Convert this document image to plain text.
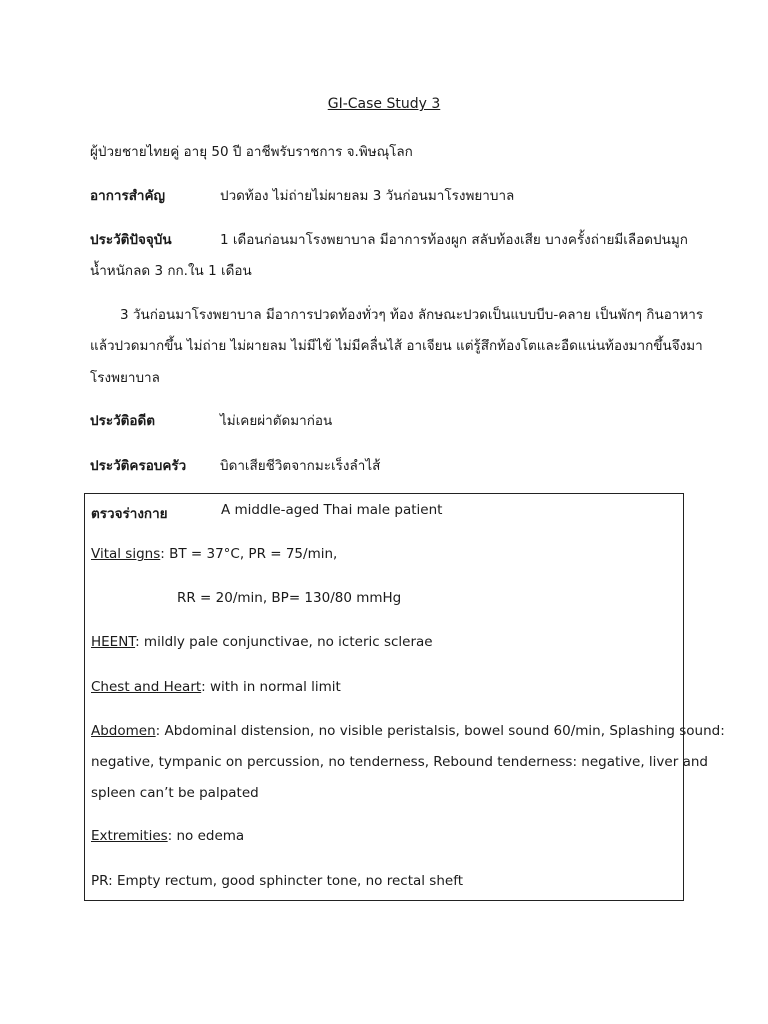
GI-Case Study 3
ผู้ป่วยชายไทยคู่ อายุ 50 ปี อาชีพรับราชการ จ.พิษณุโลก
อาการสำคัญ	ปวดท้อง ไม่ถ่ายไม่ผายลม 3 วันก่อนมาโรงพยาบาล
ประวัติปัจจุบัน	1 เดือนก่อนมาโรงพยาบาล มีอาการท้องผูก สลับท้องเสีย บางครั้งถ่ายมีเลือดปนมูก
น้ำหนักลด 3 กก.ใน 1 เดือน
3 วันก่อนมาโรงพยาบาล มีอาการปวดท้องทั่วๆ ท้อง ลักษณะปวดเป็นแบบบีบ-คลาย เป็นพักๆ กินอาหาร
แล้วปวดมากขึ้น ไม่ถ่าย ไม่ผายลม ไม่มีไข้ ไม่มีคลื่นไส้ อาเจียน แต่รู้สึกท้องโตและอืดแน่นท้องมากขึ้นจึงมา
โรงพยาบาล
ประวัติอดีต	ไม่เคยผ่าตัดมาก่อน
ประวัติครอบครัว	บิดาเสียชีวิตจากมะเร็งลำไส้
ตรวจร่างกาย	A middle-aged Thai male patient
Vital signs: BT = 37°C, PR = 75/min,
RR = 20/min, BP= 130/80 mmHg
HEENT: mildly pale conjunctivae, no icteric sclerae
Chest and Heart: with in normal limit
Abdomen: Abdominal distension, no visible peristalsis, bowel sound 60/min, Splashing sound:
negative, tympanic on percussion, no tenderness, Rebound tenderness: negative, liver and
spleen can’t be palpated
Extremities: no edema
PR: Empty rectum, good sphincter tone, no rectal sheft
